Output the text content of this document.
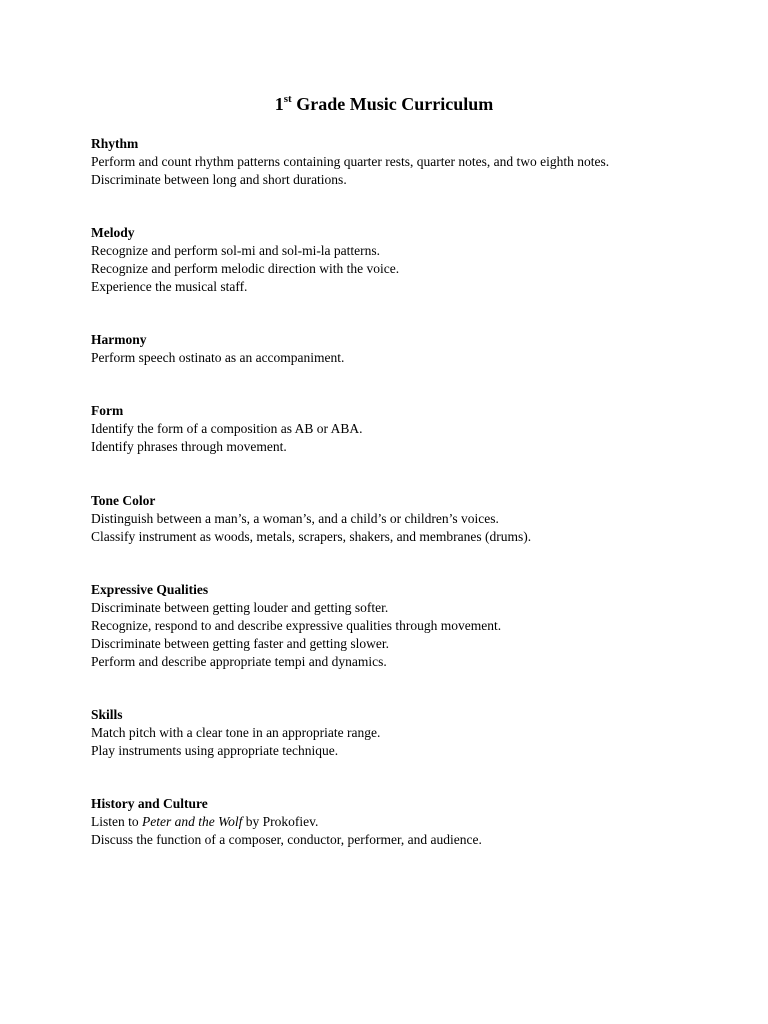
1st Grade Music Curriculum

Rhythm

Perform and count rhythm patterns containing quarter rests, quarter notes, and two eighth notes.

Discriminate between long and short durations.

Melody

Recognize and perform sol-mi and sol-mi-la patterns.

Recognize and perform melodic direction with the voice.

Experience the musical staff.

Harmony

Perform speech ostinato as an accompaniment.

Form

Identify the form of a composition as AB or ABA.

Identify phrases through movement.

Tone Color

Distinguish between a man’s, a woman’s, and a child’s or children’s voices.

Classify instrument as woods, metals, scrapers, shakers, and membranes (drums).

Expressive Qualities

Discriminate between getting louder and getting softer.

Recognize, respond to and describe expressive qualities through movement.

Discriminate between getting faster and getting slower.

Perform and describe appropriate tempi and dynamics.

Skills

Match pitch with a clear tone in an appropriate range.

Play instruments using appropriate technique.

History and Culture

Listen to Peter and the Wolf by Prokofiev.

Discuss the function of a composer, conductor, performer, and audience.
